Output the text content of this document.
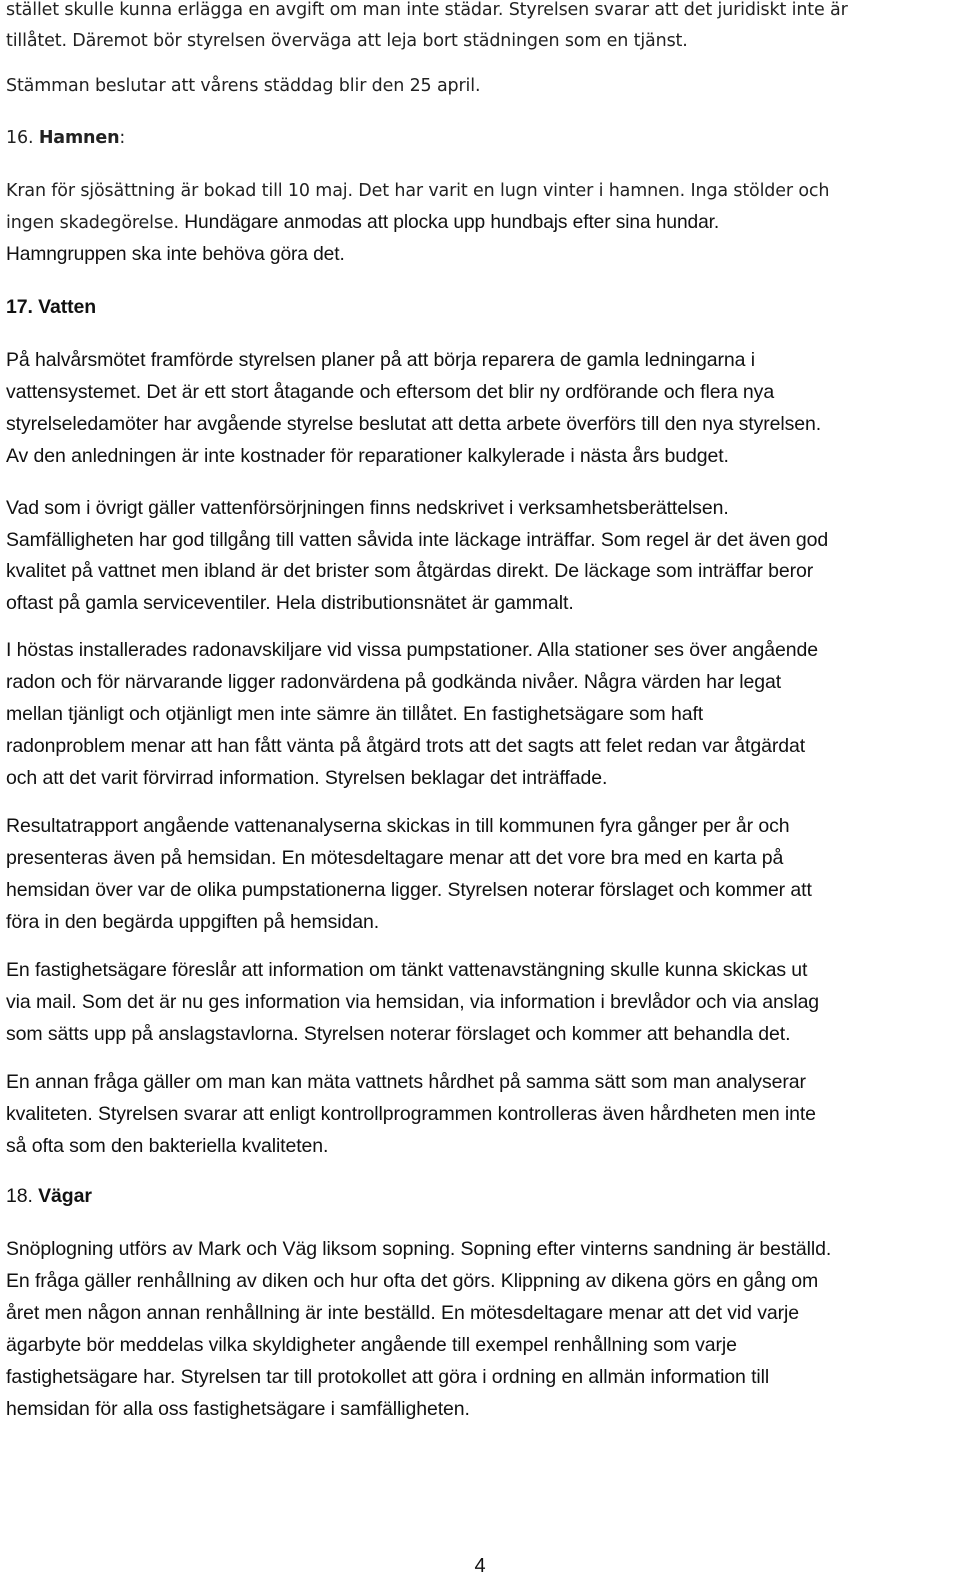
stället skulle kunna erlägga en avgift om man inte städar. Styrelsen svarar att det juridiskt inte är
tillåtet. Däremot bör styrelsen överväga att leja bort städningen som en tjänst.
Stämman beslutar att vårens städdag blir den 25 april.
16. Hamnen:
Kran för sjösättning är bokad till 10 maj. Det har varit en lugn vinter i hamnen. Inga stölder och
ingen skadegörelse. Hundägare anmodas att plocka upp hundbajs efter sina hundar.
Hamngruppen ska inte behöva göra det.
17. Vatten
På halvårsmötet framförde styrelsen planer på att börja reparera de gamla ledningarna i
vattensystemet. Det är ett stort åtagande och eftersom det blir ny ordförande och flera nya
styrelseledamöter har avgående styrelse beslutat att detta arbete överförs till den nya styrelsen.
Av den anledningen är inte kostnader för reparationer kalkylerade i nästa års budget.
Vad som i övrigt gäller vattenförsörjningen finns nedskrivet i verksamhetsberättelsen.
Samfälligheten har god tillgång till vatten såvida inte läckage inträffar. Som regel är det även god
kvalitet på vattnet men ibland är det brister som åtgärdas direkt. De läckage som inträffar beror
oftast på gamla serviceventiler. Hela distributionsnätet är gammalt.
I höstas installerades radonavskiljare vid vissa pumpstationer. Alla stationer ses över angående
radon och för närvarande ligger radonvärdena på godkända nivåer. Några värden har legat
mellan tjänligt och otjänligt men inte sämre än tillåtet. En fastighetsägare som haft
radonproblem menar att han fått vänta på åtgärd trots att det sagts att felet redan var åtgärdat
och att det varit förvirrad information. Styrelsen beklagar det inträffade.
Resultatrapport angående vattenanalyserna skickas in till kommunen fyra gånger per år och
presenteras även på hemsidan. En mötesdeltagare menar att det vore bra med en karta på
hemsidan över var de olika pumpstationerna ligger. Styrelsen noterar förslaget och kommer att
föra in den begärda uppgiften på hemsidan.
En fastighetsägare föreslår att information om tänkt vattenavstängning skulle kunna skickas ut
via mail. Som det är nu ges information via hemsidan, via information i brevlådor och via anslag
som sätts upp på anslagstavlorna. Styrelsen noterar förslaget och kommer att behandla det.
En annan fråga gäller om man kan mäta vattnets hårdhet på samma sätt som man analyserar
kvaliteten. Styrelsen svarar att enligt kontrollprogrammen kontrolleras även hårdheten men inte
så ofta som den bakteriella kvaliteten.
18. Vägar
Snöplogning utförs av Mark och Väg liksom sopning. Sopning efter vinterns sandning är beställd.
En fråga gäller renhållning av diken och hur ofta det görs. Klippning av dikena görs en gång om
året men någon annan renhållning är inte beställd. En mötesdeltagare menar att det vid varje
ägarbyte bör meddelas vilka skyldigheter angående till exempel renhållning som varje
fastighetsägare har. Styrelsen tar till protokollet att göra i ordning en allmän information till
hemsidan för alla oss fastighetsägare i samfälligheten.
4
